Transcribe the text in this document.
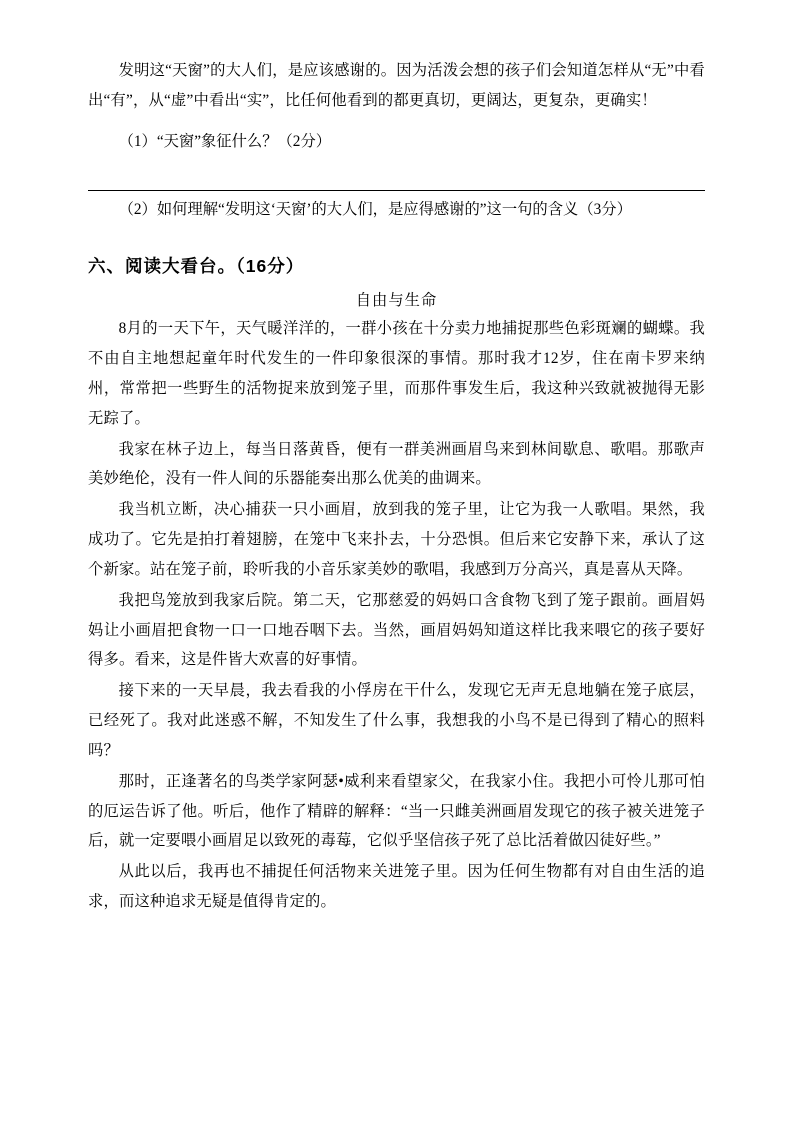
发明这“天窗”的大人们，是应该感谢的。因为活泼会想的孩子们会知道怎样从“无”中看出“有”，从“虚”中看出“实”，比任何他看到的都更真切，更阔达，更复杂，更确实！

（1）“天窗”象征什么？（2分）

（2）如何理解“发明这‘天窗’的大人们，是应得感谢的”这一句的含义（3分）

六、阅读大看台。（16分）

自由与生命

8月的一天下午，天气暖洋洋的，一群小孩在十分卖力地捕捉那些色彩斑斓的蝴蝶。我不由自主地想起童年时代发生的一件印象很深的事情。那时我才12岁，住在南卡罗来纳州，常常把一些野生的活物捉来放到笼子里，而那件事发生后，我这种兴致就被抛得无影无踪了。

我家在林子边上，每当日落黄昏，便有一群美洲画眉鸟来到林间歇息、歌唱。那歌声美妙绝伦，没有一件人间的乐器能奏出那么优美的曲调来。

我当机立断，决心捕获一只小画眉，放到我的笼子里，让它为我一人歌唱。果然，我成功了。它先是拍打着翅膀，在笼中飞来扑去，十分恐惧。但后来它安静下来，承认了这个新家。站在笼子前，聆听我的小音乐家美妙的歌唱，我感到万分高兴，真是喜从天降。

我把鸟笼放到我家后院。第二天，它那慈爱的妈妈口含食物飞到了笼子跟前。画眉妈妈让小画眉把食物一口一口地吞咽下去。当然，画眉妈妈知道这样比我来喂它的孩子要好得多。看来，这是件皆大欢喜的好事情。

接下来的一天早晨，我去看我的小俘房在干什么，发现它无声无息地躺在笼子底层，已经死了。我对此迷惑不解，不知发生了什么事，我想我的小鸟不是已得到了精心的照料吗？

那时，正逢著名的鸟类学家阿瑟•威利来看望家父，在我家小住。我把小可怜儿那可怕的厄运告诉了他。听后，他作了精辟的解释：“当一只雌美洲画眉发现它的孩子被关进笼子后，就一定要喂小画眉足以致死的毒莓，它似乎坚信孩子死了总比活着做囚徒好些。”

从此以后，我再也不捕捉任何活物来关进笼子里。因为任何生物都有对自由生活的追求，而这种追求无疑是值得肯定的。
